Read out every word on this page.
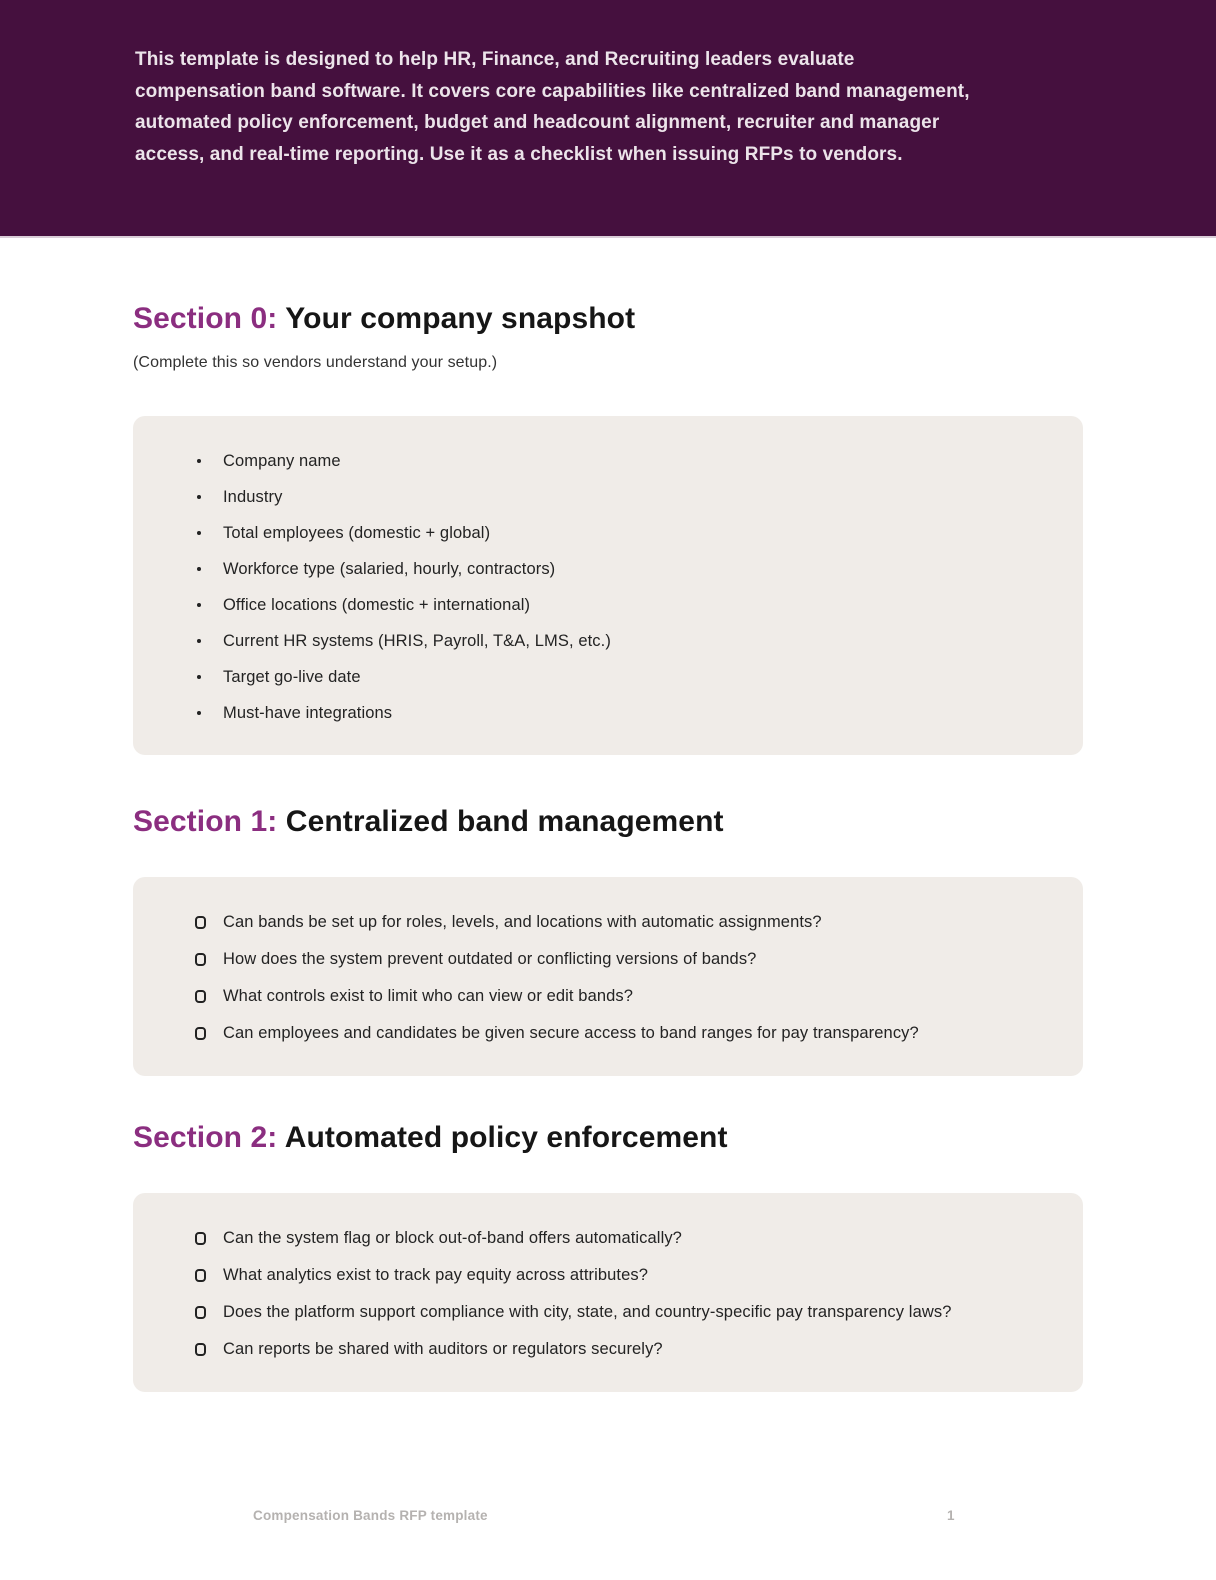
This template is designed to help HR, Finance, and Recruiting leaders evaluate compensation band software. It covers core capabilities like centralized band management, automated policy enforcement, budget and headcount alignment, recruiter and manager access, and real-time reporting. Use it as a checklist when issuing RFPs to vendors.

Section 0: Your company snapshot

(Complete this so vendors understand your setup.)

Company name
Industry
Total employees (domestic + global)
Workforce type (salaried, hourly, contractors)
Office locations (domestic + international)
Current HR systems (HRIS, Payroll, T&A, LMS, etc.)
Target go-live date
Must-have integrations
Section 1: Centralized band management
Can bands be set up for roles, levels, and locations with automatic assignments?
How does the system prevent outdated or conflicting versions of bands?
What controls exist to limit who can view or edit bands?
Can employees and candidates be given secure access to band ranges for pay transparency?
Section 2: Automated policy enforcement
Can the system flag or block out-of-band offers automatically?
What analytics exist to track pay equity across attributes?
Does the platform support compliance with city, state, and country-specific pay transparency laws?
Can reports be shared with auditors or regulators securely?
Compensation Bands RFP template	1
